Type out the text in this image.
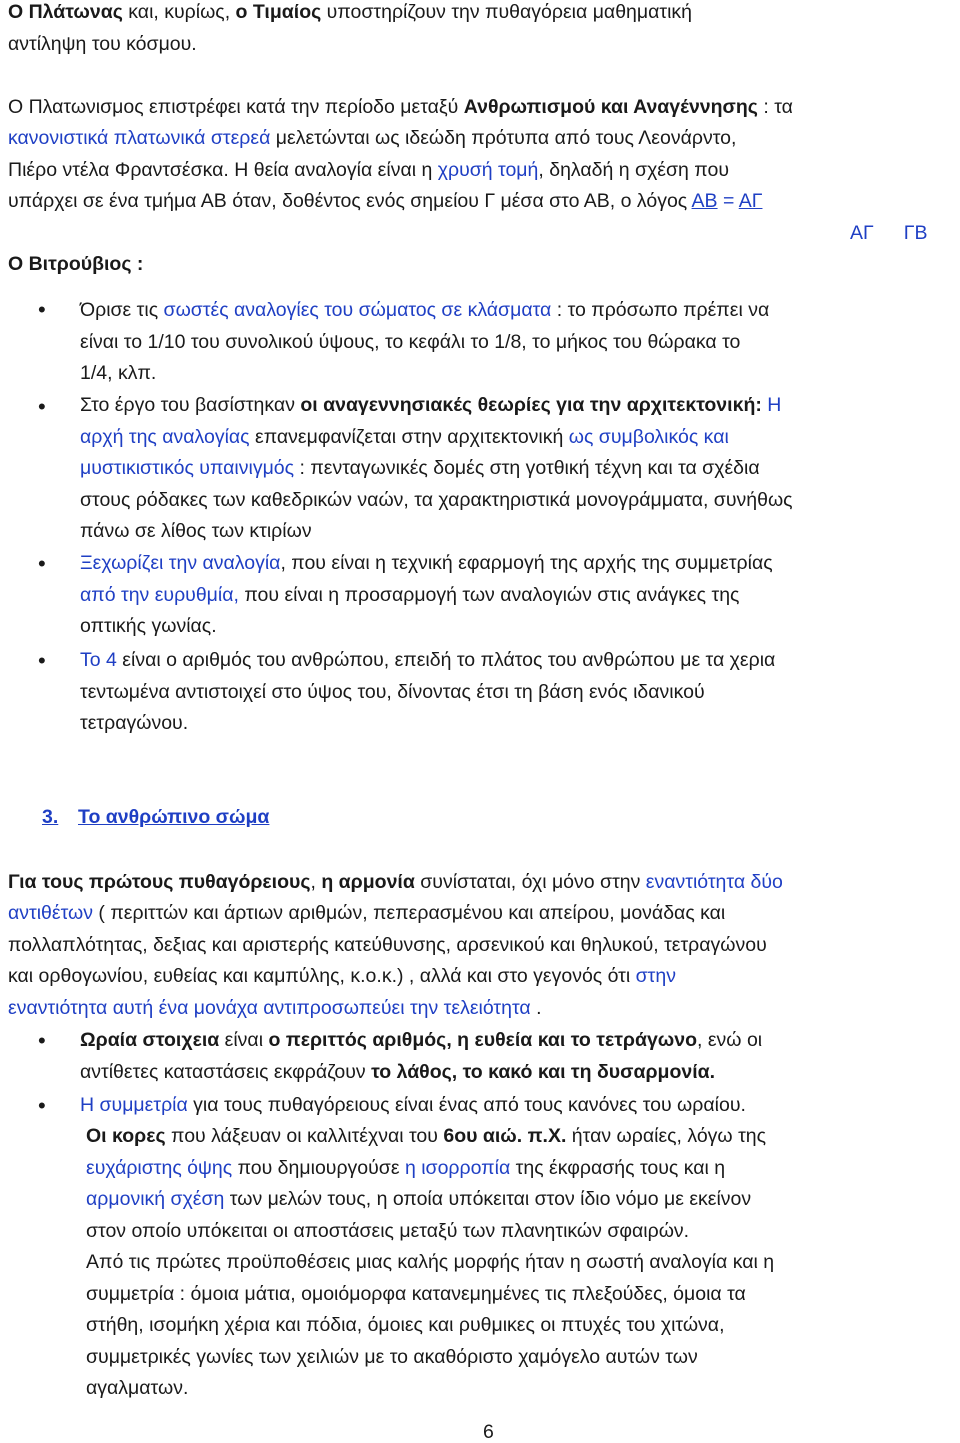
Ο Πλάτωνας και, κυρίως, ο Τιμαίος υποστηρίζουν την πυθαγόρεια μαθηματική
αντίληψη του κόσμου.
Ο Πλατωνισμος επιστρέφει κατά την περίοδο μεταξύ Ανθρωπισμού και Αναγέννησης : τα
κανονιστικά πλατωνικά στερεά μελετώνται ως ιδεώδη πρότυπα από τους Λεονάρντο,
Πιέρο ντέλα Φραντσέσκα. Η θεία αναλογία είναι η χρυσή τομή, δηλαδή η σχέση που
υπάρχει σε ένα τμήμα ΑΒ όταν, δοθέντος ενός σημείου Γ μέσα στο ΑΒ, ο λόγος ΑΒ = ΑΓ
ΑΓ ΓΒ
Ο Βιτρούβιος :
• Όρισε τις σωστές αναλογίες του σώματος σε κλάσματα : το πρόσωπο πρέπει να
είναι το 1/10 του συνολικού ύψους, το κεφάλι το 1/8, το μήκος του θώρακα το
1/4, κλπ.
• Στο έργο του βασίστηκαν οι αναγεννησιακές θεωρίες για την αρχιτεκτονική: Η
αρχή της αναλογίας επανεμφανίζεται στην αρχιτεκτονική ως συμβολικός και
μυστικιστικός υπαινιγμός : πενταγωνικές δομές στη γοτθική τέχνη και τα σχέδια
στους ρόδακες των καθεδρικών ναών, τα χαρακτηριστικά μονογράμματα, συνήθως
πάνω σε λίθος των κτιρίων
• Ξεχωρίζει την αναλογία, που είναι η τεχνική εφαρμογή της αρχής της συμμετρίας
από την ευρυθμία, που είναι η προσαρμογή των αναλογιών στις ανάγκες της
οπτικής γωνίας.
• Το 4 είναι ο αριθμός του ανθρώπου, επειδή το πλάτος του ανθρώπου με τα χερια
τεντωμένα αντιστοιχεί στο ύψος του, δίνοντας έτσι τη βάση ενός ιδανικού
τετραγώνου.
3. Το ανθρώπινο σώμα
Για τους πρώτους πυθαγόρειους, η αρμονία συνίσταται, όχι μόνο στην εναντιότητα δύο
αντιθέτων ( περιττών και άρτιων αριθμών, πεπερασμένου και απείρου, μονάδας και
πολλαπλότητας, δεξιας και αριστερής κατεύθυνσης, αρσενικού και θηλυκού, τετραγώνου
και ορθογωνίου, ευθείας και καμπύλης, κ.ο.κ.) , αλλά και στο γεγονός ότι στην
εναντιότητα αυτή ένα μονάχα αντιπροσωπεύει την τελειότητα .
• Ωραία στοιχεια είναι ο περιττός αριθμός, η ευθεία και το τετράγωνο, ενώ οι
αντίθετες καταστάσεις εκφράζουν το λάθος, το κακό και τη δυσαρμονία.
• Η συμμετρία για τους πυθαγόρειους είναι ένας από τους κανόνες του ωραίου.
Οι κορες που λάξευαν οι καλλιτέχναι του 6ου αιώ. π.Χ. ήταν ωραίες, λόγω της
ευχάριστης όψης που δημιουργούσε η ισορροπία της έκφρασής τους και η
αρμονική σχέση των μελών τους, η οποία υπόκειται στον ίδιο νόμο με εκείνον
στον οποίο υπόκειται οι αποστάσεις μεταξύ των πλανητικών σφαιρών.
Από τις πρώτες προϋποθέσεις μιας καλής μορφής ήταν η σωστή αναλογία και η
συμμετρία : όμοια μάτια, ομοιόμορφα κατανεμημένες τις πλεξούδες, όμοια τα
στήθη, ισομήκη χέρια και πόδια, όμοιες και ρυθμικες οι πτυχές του χιτώνα,
συμμετρικές γωνίες των χειλιών με το ακαθόριστο χαμόγελο αυτών των
αγαλματων.
6
